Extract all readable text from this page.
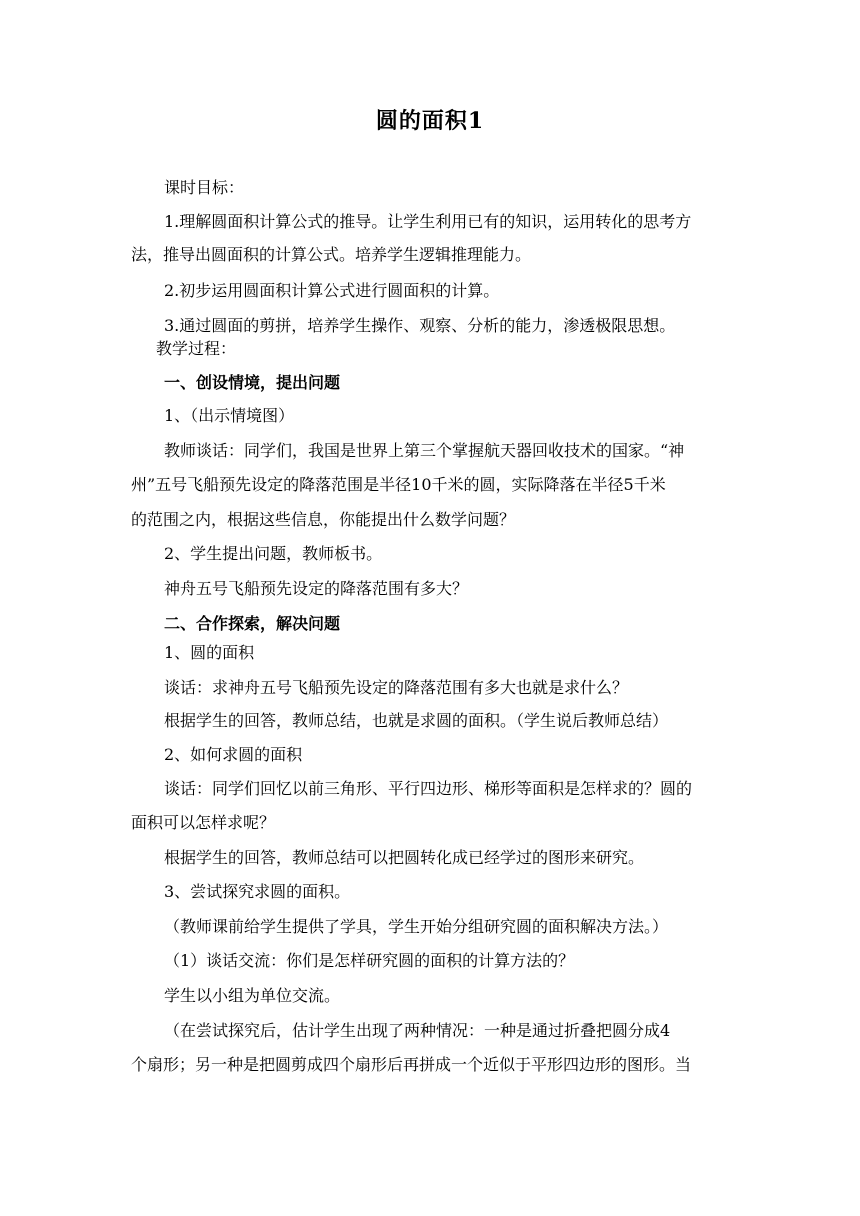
圆的面积1
课时目标：
1.理解圆面积计算公式的推导。让学生利用已有的知识，运用转化的思考方
法，推导出圆面积的计算公式。培养学生逻辑推理能力。
2.初步运用圆面积计算公式进行圆面积的计算。
3.通过圆面的剪拼，培养学生操作、观察、分析的能力，渗透极限思想。
教学过程：
一、创设情境，提出问题
1、（出示情境图）
教师谈话：同学们，我国是世界上第三个掌握航天器回收技术的国家。“神
州”五号飞船预先设定的降落范围是半径10千米的圆，实际降落在半径5千米
的范围之内，根据这些信息，你能提出什么数学问题？
2、学生提出问题，教师板书。
神舟五号飞船预先设定的降落范围有多大？
二、合作探索，解决问题
1、圆的面积
谈话：求神舟五号飞船预先设定的降落范围有多大也就是求什么？
根据学生的回答，教师总结，也就是求圆的面积。（学生说后教师总结）
2、如何求圆的面积
谈话：同学们回忆以前三角形、平行四边形、梯形等面积是怎样求的？圆的
面积可以怎样求呢？
根据学生的回答，教师总结可以把圆转化成已经学过的图形来研究。
3、尝试探究求圆的面积。
（教师课前给学生提供了学具，学生开始分组研究圆的面积解决方法。）
（1）谈话交流：你们是怎样研究圆的面积的计算方法的？
学生以小组为单位交流。
（在尝试探究后，估计学生出现了两种情况：一种是通过折叠把圆分成4
个扇形；另一种是把圆剪成四个扇形后再拼成一个近似于平形四边形的图形。当
